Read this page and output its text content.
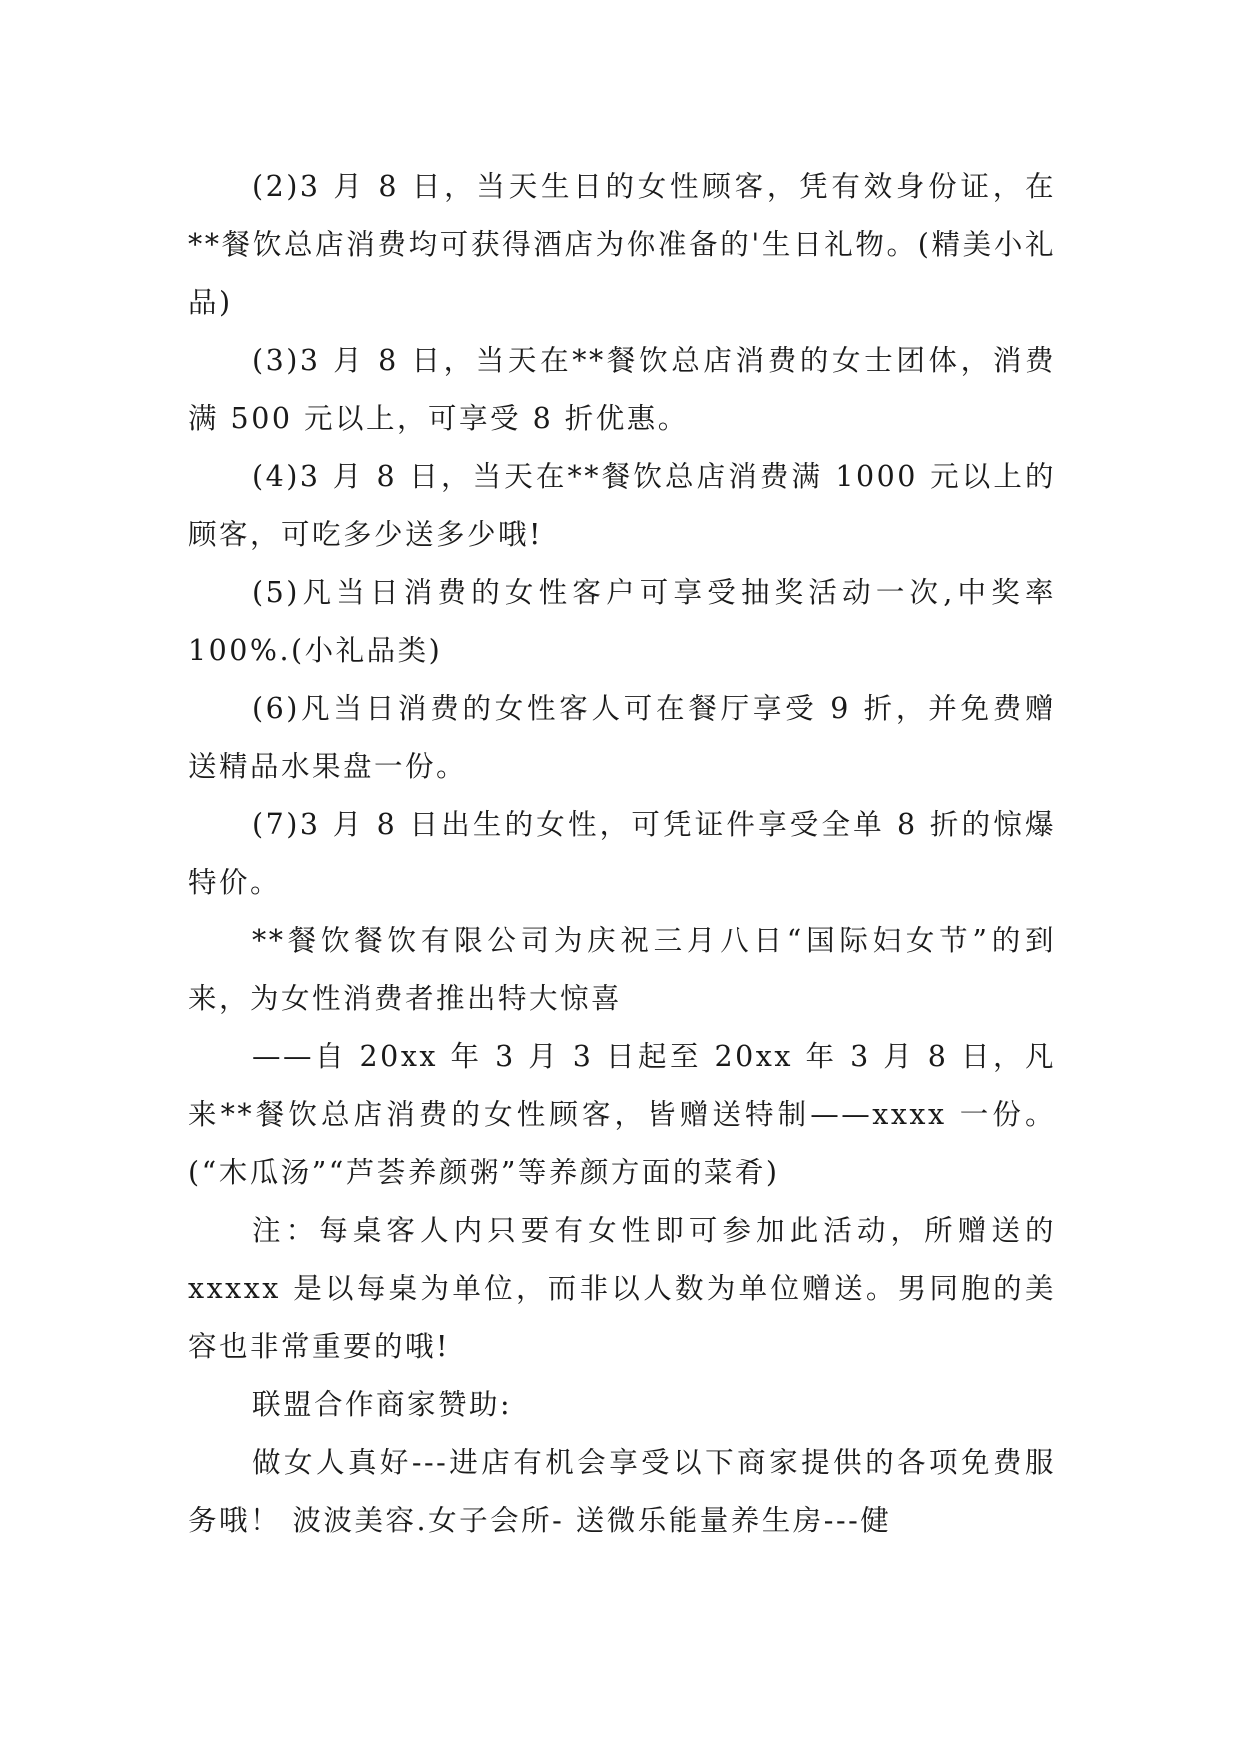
(2)3 月 8 日，当天生日的女性顾客，凭有效身份证，在**餐饮总店消费均可获得酒店为你准备的'生日礼物。(精美小礼品)

(3)3 月 8 日，当天在**餐饮总店消费的女士团体，消费满 500 元以上，可享受 8 折优惠。

(4)3 月 8 日，当天在**餐饮总店消费满 1000 元以上的顾客，可吃多少送多少哦!

(5)凡当日消费的女性客户可享受抽奖活动一次,中奖率 100%.(小礼品类)

(6)凡当日消费的女性客人可在餐厅享受 9 折，并免费赠送精品水果盘一份。

(7)3 月 8 日出生的女性，可凭证件享受全单 8 折的惊爆特价。

**餐饮餐饮有限公司为庆祝三月八日“国际妇女节”的到来，为女性消费者推出特大惊喜

——自 20xx 年 3 月 3 日起至 20xx 年 3 月 8 日，凡来**餐饮总店消费的女性顾客，皆赠送特制——xxxx 一份。(“木瓜汤”“芦荟养颜粥”等养颜方面的菜肴)

注：每桌客人内只要有女性即可参加此活动，所赠送的 xxxxx 是以每桌为单位，而非以人数为单位赠送。男同胞的美容也非常重要的哦!

联盟合作商家赞助:

做女人真好---进店有机会享受以下商家提供的各项免费服务哦！ 波波美容.女子会所- 送微乐能量养生房---健
